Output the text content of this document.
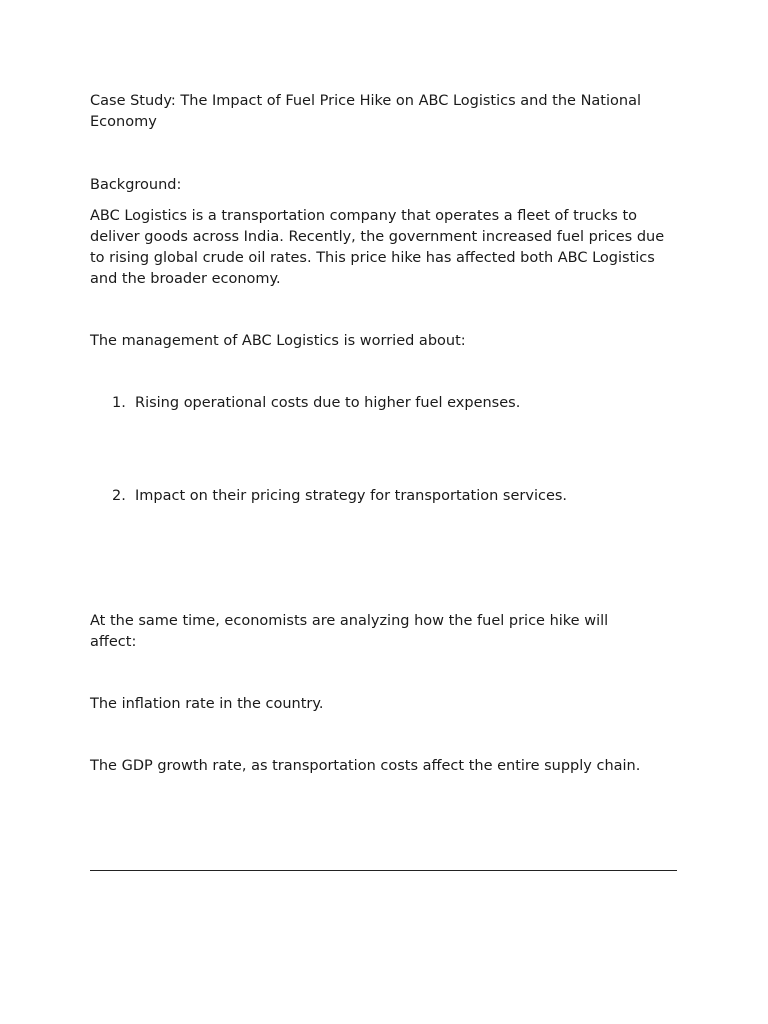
Case Study: The Impact of Fuel Price Hike on ABC Logistics and the National Economy

Background:

ABC Logistics is a transportation company that operates a fleet of trucks to deliver goods across India. Recently, the government increased fuel prices due to rising global crude oil rates. This price hike has affected both ABC Logistics and the broader economy.

The management of ABC Logistics is worried about:

1. Rising operational costs due to higher fuel expenses.

2. Impact on their pricing strategy for transportation services.

At the same time, economists are analyzing how the fuel price hike will affect:

The inflation rate in the country.

The GDP growth rate, as transportation costs affect the entire supply chain.
